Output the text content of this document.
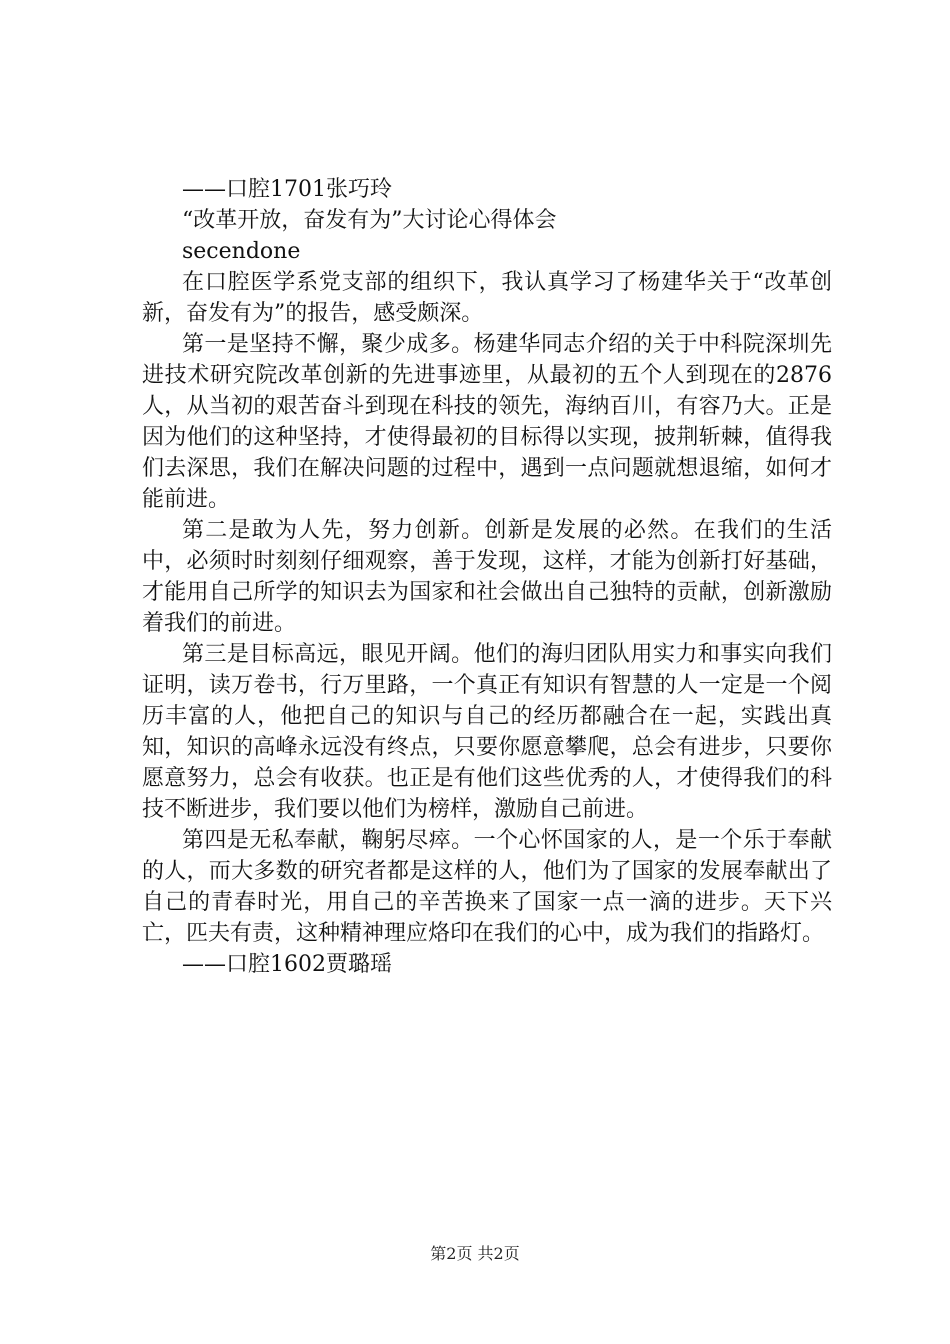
——口腔1701张巧玲

“改革开放，奋发有为”大讨论心得体会

secendone

在口腔医学系党支部的组织下，我认真学习了杨建华关于“改革创新，奋发有为”的报告，感受颇深。

第一是坚持不懈，聚少成多。杨建华同志介绍的关于中科院深圳先进技术研究院改革创新的先进事迹里，从最初的五个人到现在的2876人，从当初的艰苦奋斗到现在科技的领先，海纳百川，有容乃大。正是因为他们的这种坚持，才使得最初的目标得以实现，披荆斩棘，值得我们去深思，我们在解决问题的过程中，遇到一点问题就想退缩，如何才能前进。

第二是敢为人先，努力创新。创新是发展的必然。在我们的生活中，必须时时刻刻仔细观察，善于发现，这样，才能为创新打好基础，才能用自己所学的知识去为国家和社会做出自己独特的贡献，创新激励着我们的前进。

第三是目标高远，眼见开阔。他们的海归团队用实力和事实向我们证明，读万卷书，行万里路，一个真正有知识有智慧的人一定是一个阅历丰富的人，他把自己的知识与自己的经历都融合在一起，实践出真知，知识的高峰永远没有终点，只要你愿意攀爬，总会有进步，只要你愿意努力，总会有收获。也正是有他们这些优秀的人，才使得我们的科技不断进步，我们要以他们为榜样，激励自己前进。

第四是无私奉献，鞠躬尽瘁。一个心怀国家的人，是一个乐于奉献的人，而大多数的研究者都是这样的人，他们为了国家的发展奉献出了自己的青春时光，用自己的辛苦换来了国家一点一滴的进步。天下兴亡，匹夫有责，这种精神理应烙印在我们的心中，成为我们的指路灯。

——口腔1602贾璐瑶

第2页 共2页
